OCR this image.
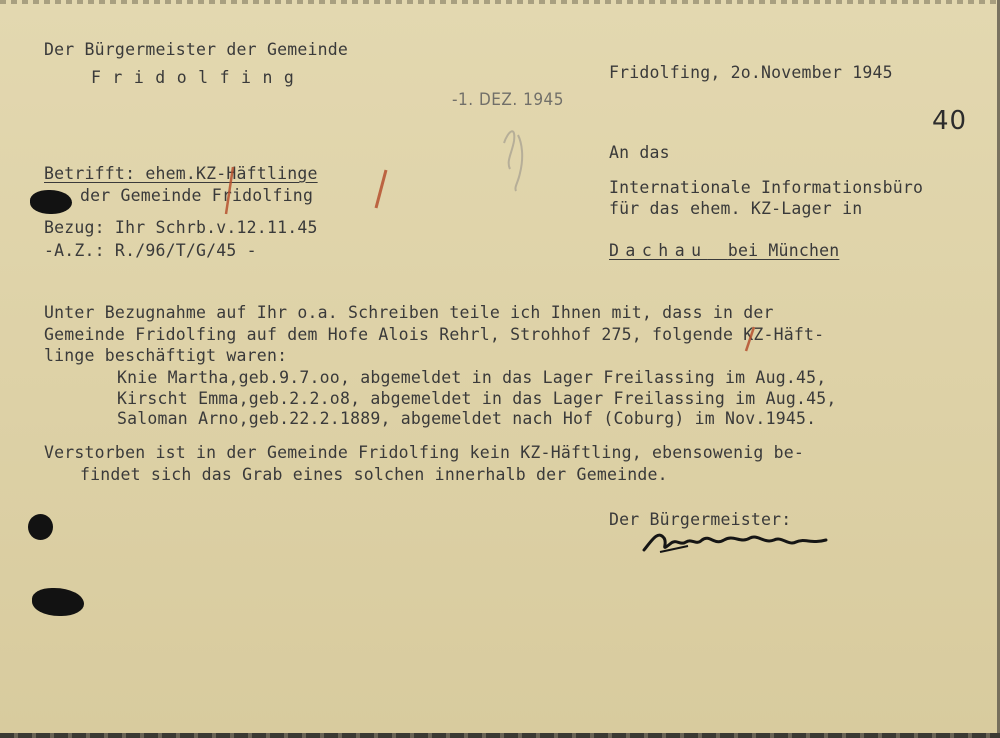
Der Bürgermeister der Gemeinde
Fridolfing	Fridolfing, 2o.November 1945
-1. DEZ. 1945
40
Betrifft: ehem.KZ-Häftlinge
der Gemeinde Fridolfing
Bezug: Ihr Schrb.v.12.11.45
-A.Z.: R./96/T/G/45 -
An das
Internationale Informationsbüro
für das ehem. KZ-Lager in
Dachau bei München
Unter Bezugnahme auf Ihr o.a. Schreiben teile ich Ihnen mit, dass in der
Gemeinde Fridolfing auf dem Hofe Alois Rehrl, Strohhof 275, folgende KZ-Häft-
linge beschäftigt waren:
Knie Martha,geb.9.7.oo, abgemeldet in das Lager Freilassing im Aug.45,
Kirscht Emma,geb.2.2.o8, abgemeldet in das Lager Freilassing im Aug.45,
Saloman Arno,geb.22.2.1889, abgemeldet nach Hof (Coburg) im Nov.1945.
Verstorben ist in der Gemeinde Fridolfing kein KZ-Häftling, ebensowenig be-
findet sich das Grab eines solchen innerhalb der Gemeinde.
Der Bürgermeister:
